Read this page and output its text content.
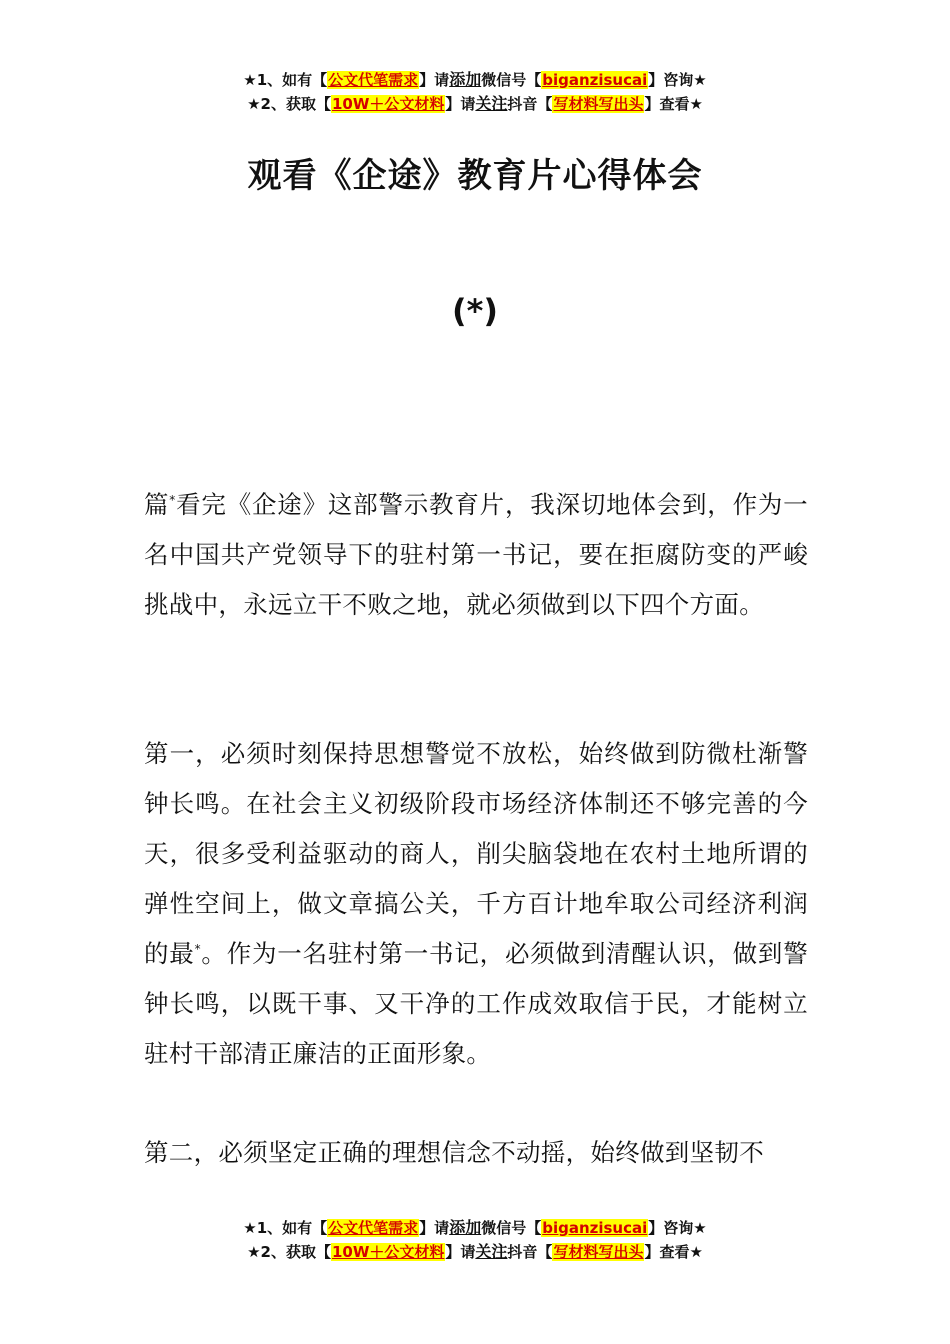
★1、如有【公文代笔需求】请添加微信号【biganzisucai】咨询★
★2、获取【10W＋公文材料】请关注抖音【写材料写出头】查看★
观看《企途》教育片心得体会
(*)

篇*看完《企途》这部警示教育片，我深切地体会到，作为一名中国共产党领导下的驻村第一书记，要在拒腐防变的严峻挑战中，永远立干不败之地，就必须做到以下四个方面。

第一，必须时刻保持思想警觉不放松，始终做到防微杜渐警钟长鸣。在社会主义初级阶段市场经济体制还不够完善的今天，很多受利益驱动的商人，削尖脑袋地在农村土地所谓的弹性空间上，做文章搞公关，千方百计地牟取公司经济利润的最*。作为一名驻村第一书记，必须做到清醒认识，做到警钟长鸣，以既干事、又干净的工作成效取信于民，才能树立驻村干部清正廉洁的正面形象。

第二，必须坚定正确的理想信念不动摇，始终做到坚韧不

★1、如有【公文代笔需求】请添加微信号【biganzisucai】咨询★
★2、获取【10W＋公文材料】请关注抖音【写材料写出头】查看★
